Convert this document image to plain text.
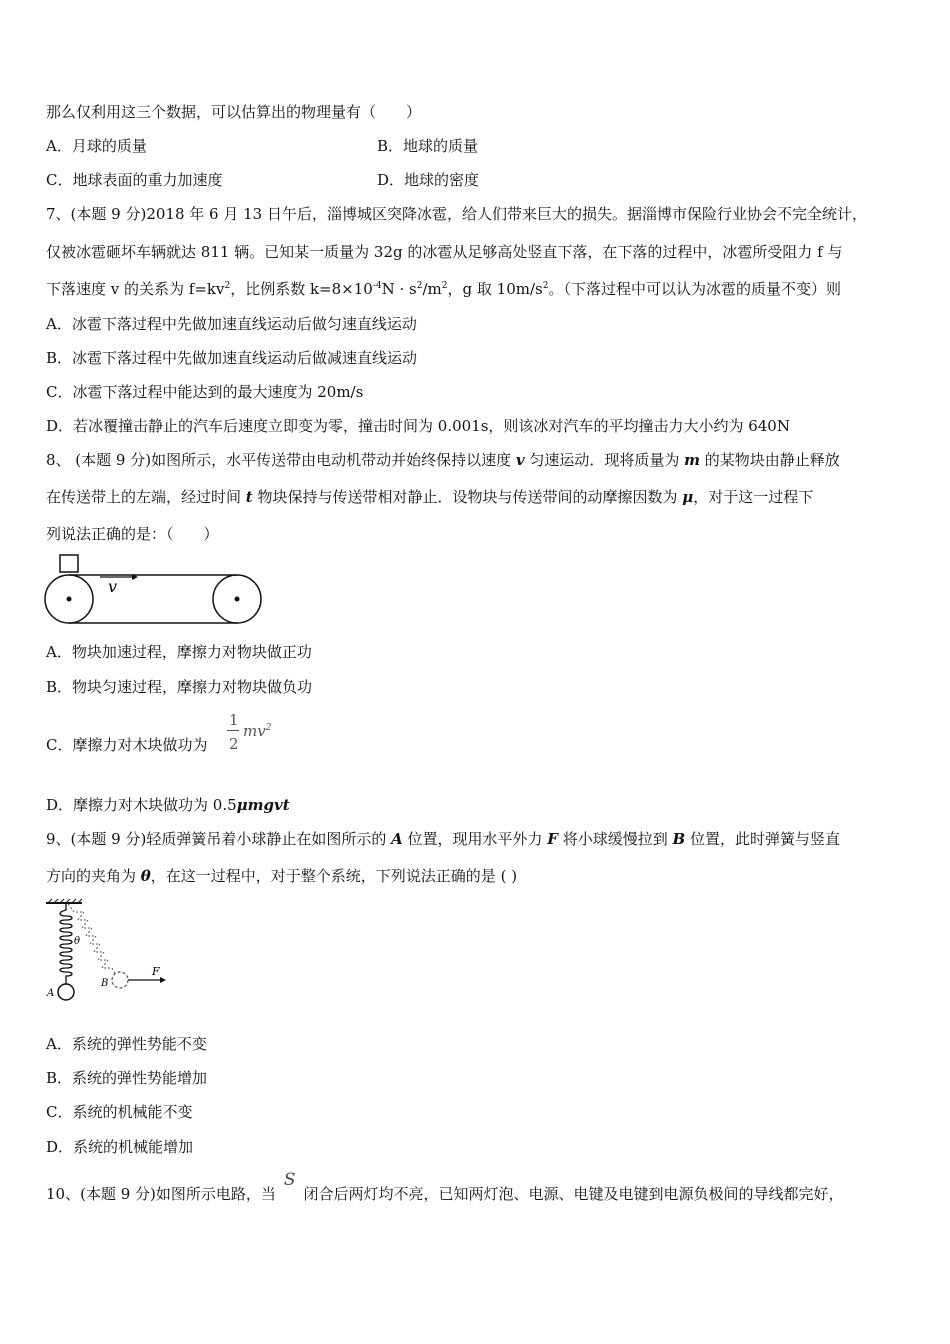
那么仅利用这三个数据，可以估算出的物理量有（　　）
A．月球的质量	B．地球的质量
C．地球表面的重力加速度	D．地球的密度
7、(本题 9 分)2018 年 6 月 13 日午后，淄博城区突降冰雹，给人们带来巨大的损失。据淄博市保险行业协会不完全统计，
仅被冰雹砸坏车辆就达 811 辆。已知某一质量为 32g 的冰雹从足够高处竖直下落，在下落的过程中，冰雹所受阻力 f 与
下落速度 v 的关系为 $f=kv^2$，比例系数 $k=8\times 10^{-4}N \cdot s^2/m^2$，g 取 $10m/s^2$。（下落过程中可以认为冰雹的质量不变）则
A．冰雹下落过程中先做加速直线运动后做匀速直线运动
B．冰雹下落过程中先做加速直线运动后做减速直线运动
C．冰雹下落过程中能达到的最大速度为 20m/s
D．若冰覆撞击静止的汽车后速度立即变为零，撞击时间为 0.001s，则该冰对汽车的平均撞击力大小约为 640N
8、 (本题 9 分)如图所示，水平传送带由电动机带动并始终保持以速度 v 匀速运动．现将质量为 m 的某物块由静止释放
在传送带上的左端，经过时间 t 物块保持与传送带相对静止．设物块与传送带间的动摩擦因数为 μ，对于这一过程下
列说法正确的是：（　　）
v
A．物块加速过程，摩擦力对物块做正功
B．物块匀速过程，摩擦力对物块做负功
C．摩擦力对木块做功为
1
2
$mv^2$
D．摩擦力对木块做功为 0.5μmgvt
9、(本题 9 分)轻质弹簧吊着小球静止在如图所示的 A 位置，现用水平外力 F 将小球缓慢拉到 B 位置，此时弹簧与竖直
方向的夹角为 θ，在这一过程中，对于整个系统，下列说法正确的是 ( )
F
A
B
θ
A．系统的弹性势能不变
B．系统的弹性势能增加
C．系统的机械能不变
D．系统的机械能增加
10、(本题 9 分)如图所示电路，当S闭合后两灯均不亮，已知两灯泡、电源、电键及电键到电源负极间的导线都完好，
